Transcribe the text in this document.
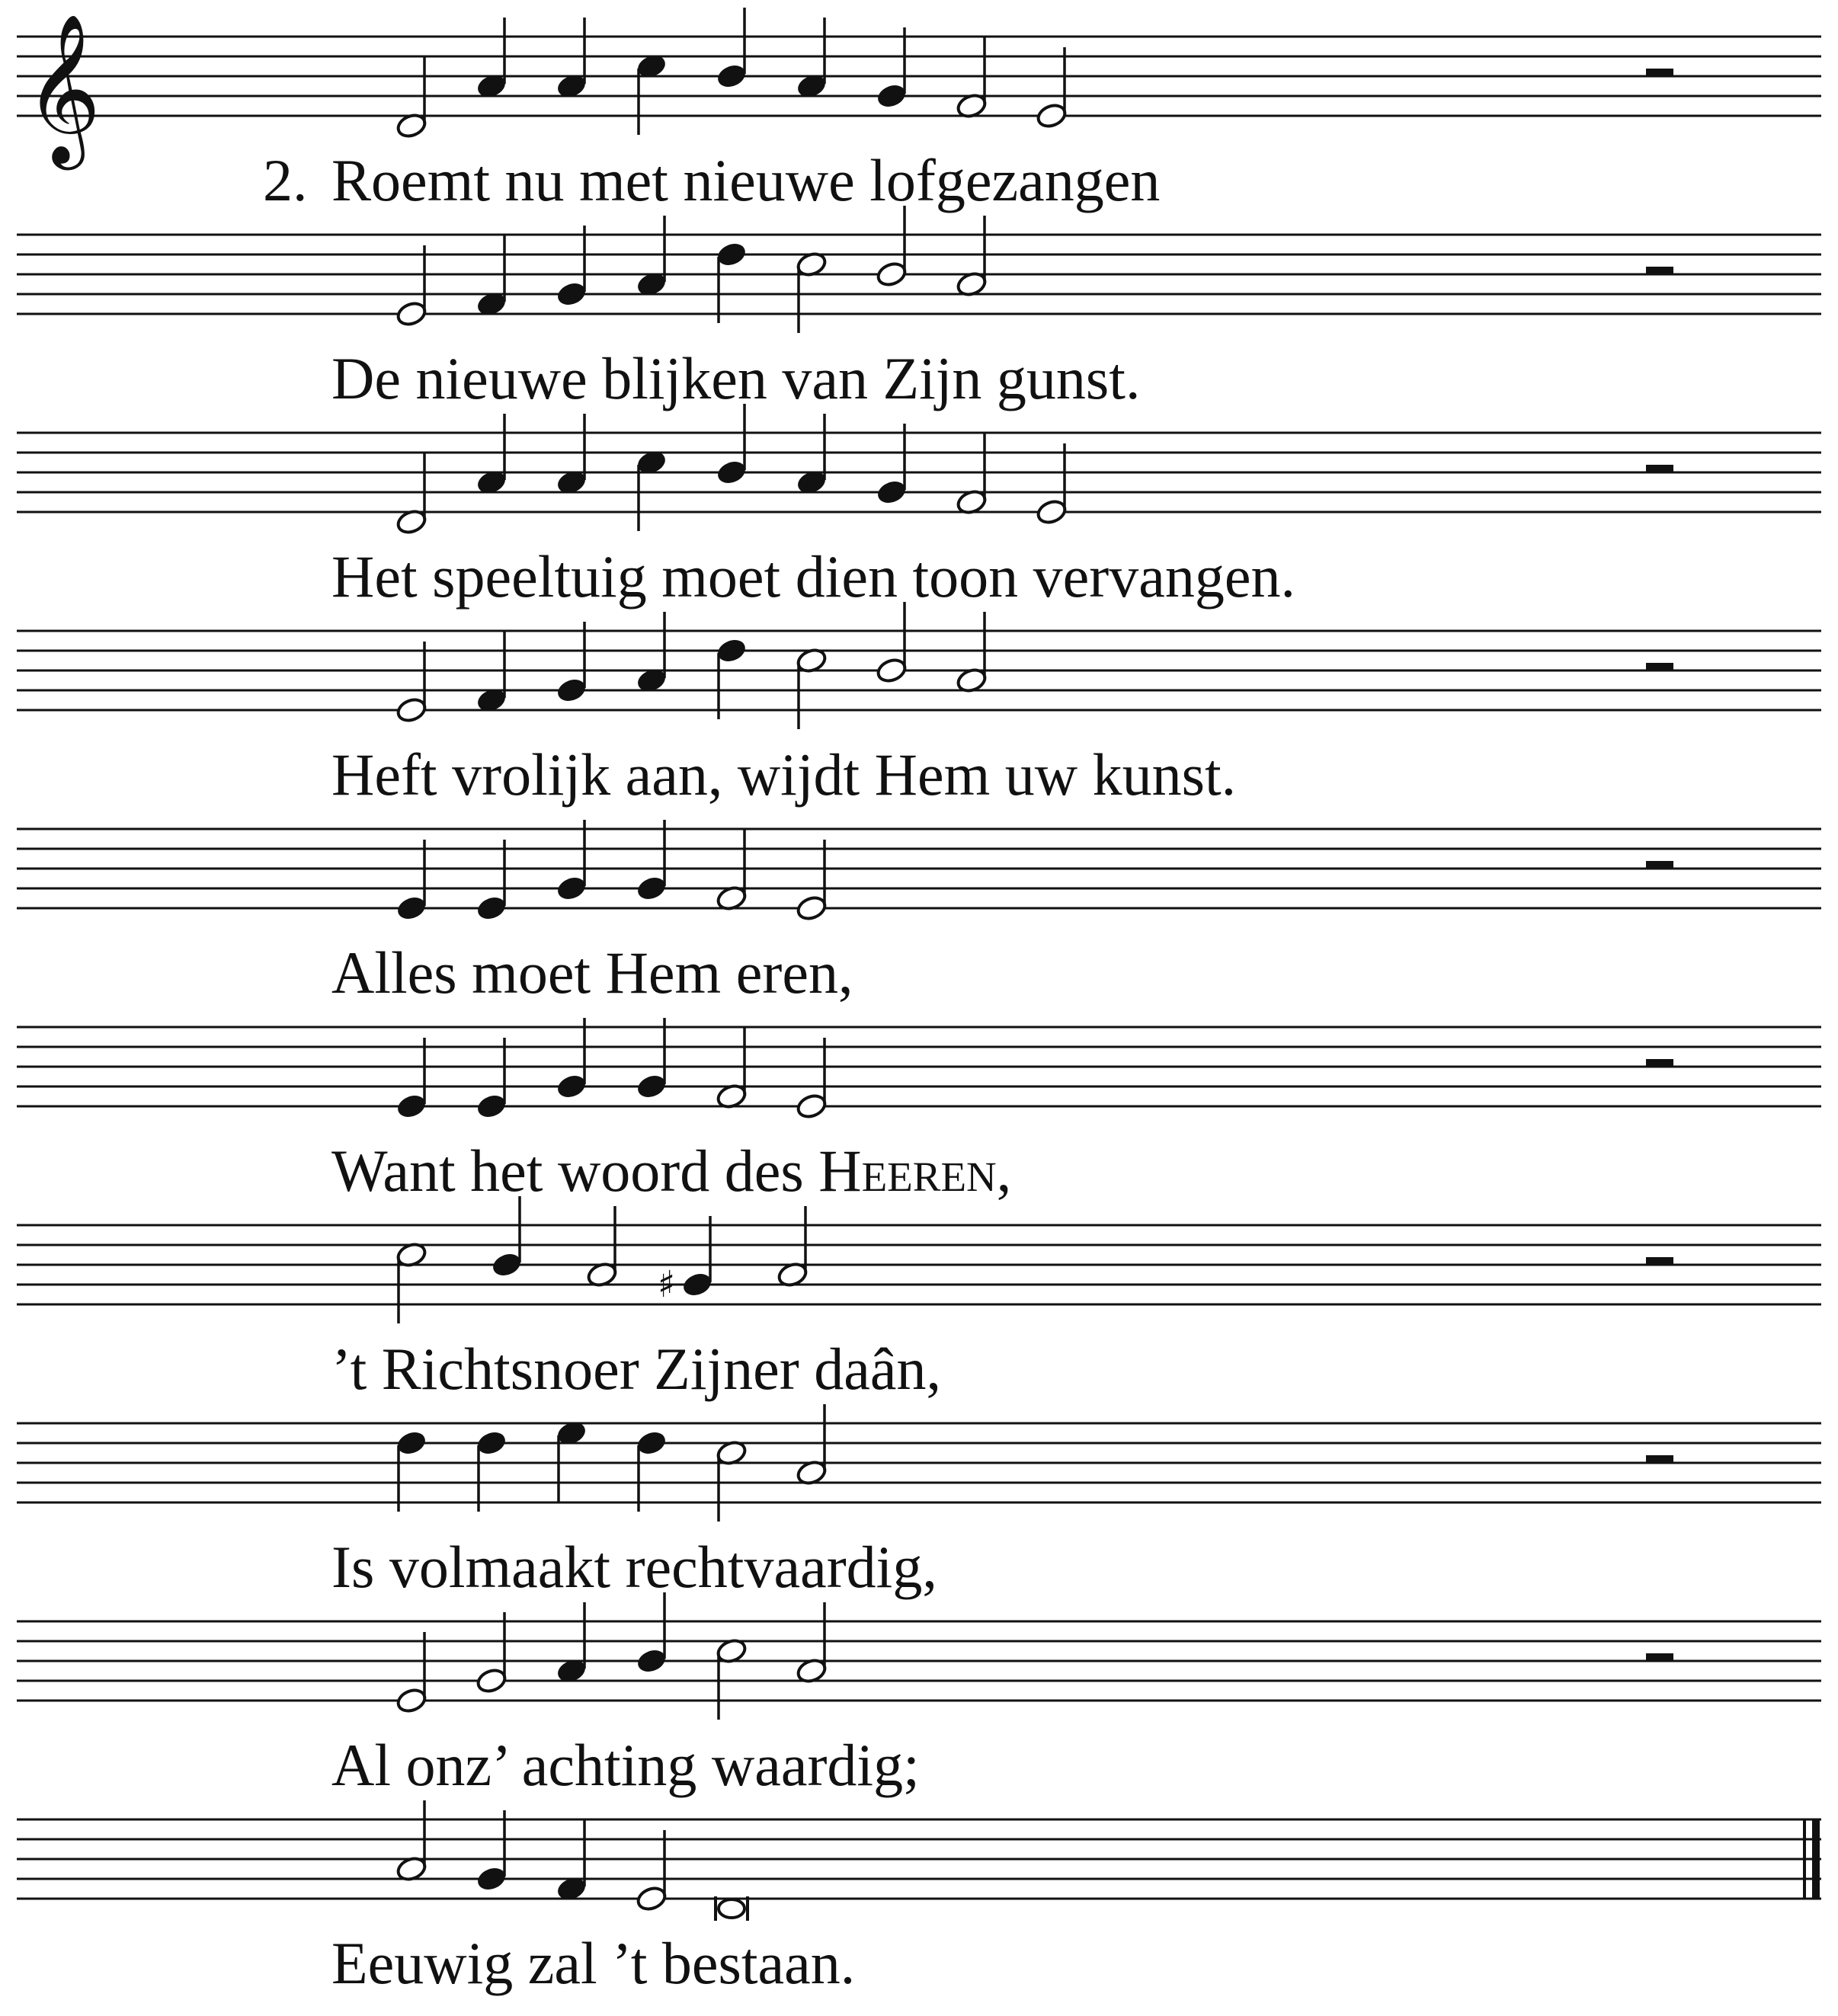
𝄞
♯
2. Roemt nu met nieuwe lofgezangen
De nieuwe blijken van Zijn gunst.
Het speeltuig moet dien toon vervangen.
Heft vrolijk aan, wijdt Hem uw kunst.
Alles moet Hem eren,
Want het woord des Heeren,
’t Richtsnoer Zijner daân,
Is volmaakt rechtvaardig,
Al onz’ achting waardig;
Eeuwig zal ’t bestaan.
